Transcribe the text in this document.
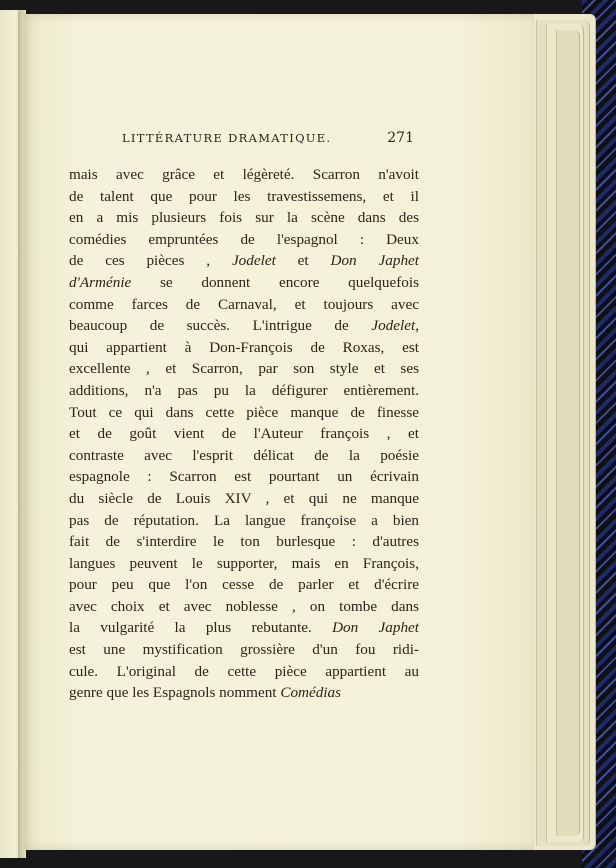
LITTÉRATURE DRAMATIQUE.	271
mais avec grâce et légèreté. Scarron n'avoit
de talent que pour les travestissemens, et il
en a mis plusieurs fois sur la scène dans des
comédies empruntées de l'espagnol : Deux
de ces pièces , Jodelet et Don Japhet
d'Arménie se donnent encore quelquefois
comme farces de Carnaval, et toujours avec
beaucoup de succès. L'intrigue de Jodelet,
qui appartient à Don-François de Roxas, est
excellente , et Scarron, par son style et ses
additions, n'a pas pu la défigurer entièrement.
Tout ce qui dans cette pièce manque de finesse
et de goût vient de l'Auteur françois , et
contraste avec l'esprit délicat de la poésie
espagnole : Scarron est pourtant un écrivain
du siècle de Louis XIV , et qui ne manque
pas de réputation. La langue françoise a bien
fait de s'interdire le ton burlesque : d'autres
langues peuvent le supporter, mais en François,
pour peu que l'on cesse de parler et d'écrire
avec choix et avec noblesse , on tombe dans
la vulgarité la plus rebutante. Don Japhet
est une mystification grossière d'un fou ridi-
cule. L'original de cette pièce appartient au
genre que les Espagnols nomment Comédias
